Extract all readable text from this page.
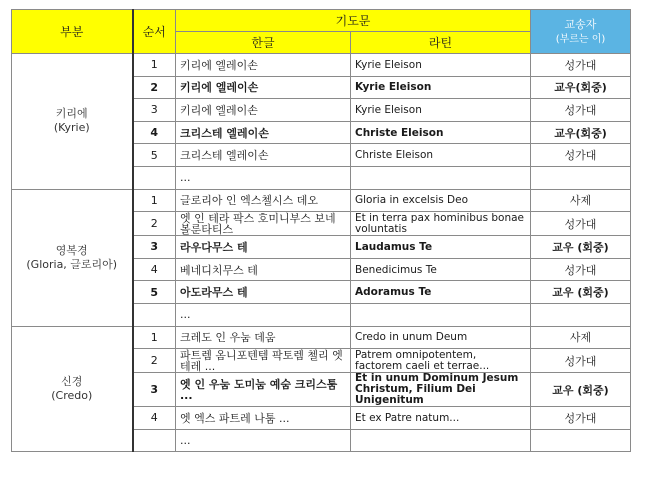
부분	순서	기도문		교송자
(부르는 이)

		한글	라틴	

키리에
(Kyrie)	1	키리에 엘레이손	Kyrie Eleison	성가대
	2	키리에 엘레이손	Kyrie Eleison	교우(회중)
	3	키리에 엘레이손	Kyrie Eleison	성가대
	4	크리스테 엘레이손	Christe Eleison	교우(회중)
	5	크리스테 엘레이손	Christe Eleison	성가대
		...		

영복경
(Gloria, 글로리아)	1	글로리아 인 엑스첼시스 데오	Gloria in excelsis Deo	사제
	2	엣 인 테라 팍스 호미니부스 보네 볼룬타티스	Et in terra pax hominibus bonae voluntatis	성가대
	3	라우다무스 테	Laudamus Te	교우 (회중)
	4	베네디치무스 테	Benedicimus Te	성가대
	5	아도라무스 테	Adoramus Te	교우 (회중)
		...		

신경
(Credo)	1	크레도 인 우눔 데움	Credo in unum Deum	사제
	2	파트렘 옴니포텐템 팍토렘 첼리 엣 테레 ...	Patrem omnipotentem, factorem caeli et terrae...	성가대
	3	엣 인 우눔 도미눔 예숨 크리스툼 ...	Et in unum Dominum Jesum Christum, Filium Dei Unigenitum	교우 (회중)
	4	엣 엑스 파트레 나툼 ...	Et ex Patre natum...	성가대
		...		
